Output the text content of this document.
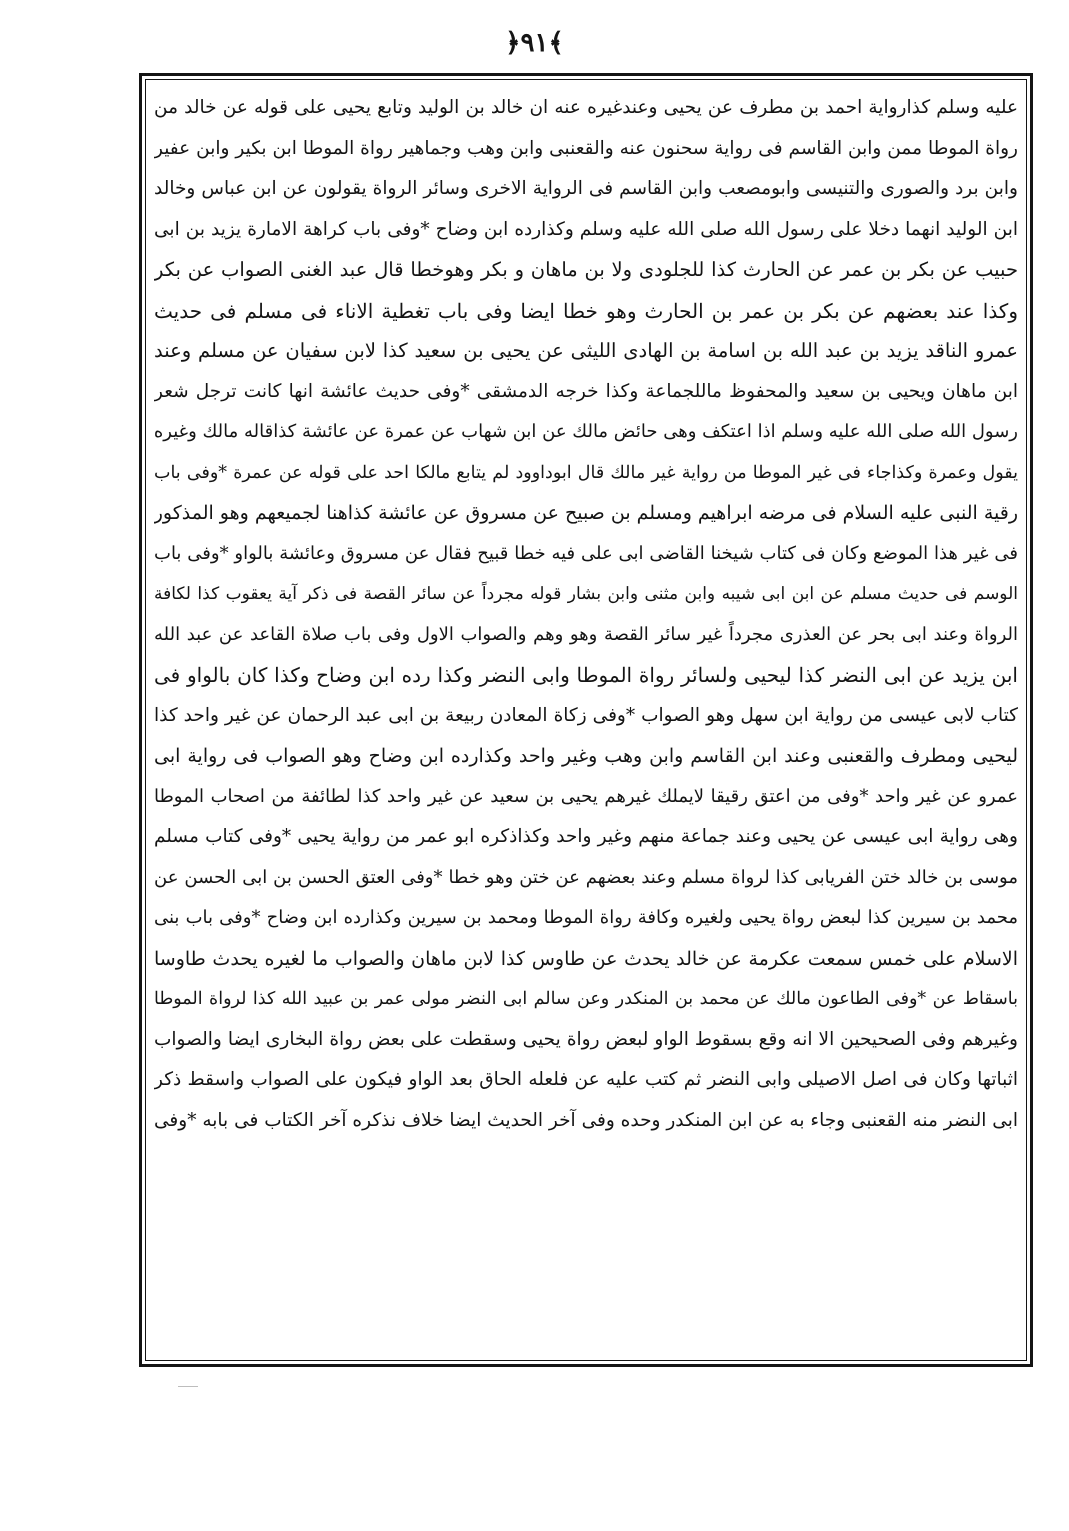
﴿۹۱﴾
عليه وسلم كذارواية احمد بن مطرف عن يحيى وعندغيره عنه ان خالد بن الوليد وتابع يحيى على قوله عن خالد من
رواة الموطا ممن وابن القاسم فى رواية سحنون عنه والقعنبى وابن وهب وجماهير رواة الموطا ابن بكير وابن عفير
وابن برد والصورى والتنيسى وابومصعب وابن القاسم فى الرواية الاخرى وسائر الرواة يقولون عن ابن عباس وخالد
ابن الوليد انهما دخلا على رسول الله صلى الله عليه وسلم وكذارده ابن وضاح *وفى باب كراهة الامارة يزيد بن ابى
حبيب عن بكر بن عمر عن الحارث كذا للجلودى ولا بن ماهان و بكر وهوخطا قال عبد الغنى الصواب عن بكر
وكذا عند بعضهم عن بكر بن عمر بن الحارث وهو خطا ايضا وفى باب تغطية الاناء فى مسلم فى حديث
عمرو الناقد يزيد بن عبد الله بن اسامة بن الهادى الليثى عن يحيى بن سعيد كذا لابن سفيان عن مسلم وعند
ابن ماهان ويحيى بن سعيد والمحفوظ ماللجماعة وكذا خرجه الدمشقى *وفى حديث عائشة انها كانت ترجل شعر
رسول الله صلى الله عليه وسلم اذا اعتكف وهى حائض مالك عن ابن شهاب عن عمرة عن عائشة كذاقاله مالك وغيره
يقول وعمرة وكذاجاء فى غير الموطا من رواية غير مالك قال ابوداوود لم يتابع مالكا احد على قوله عن عمرة *وفى باب
رقية النبى عليه السلام فى مرضه ابراهيم ومسلم بن صبيح عن مسروق عن عائشة كذاهنا لجميعهم وهو المذكور
فى غير هذا الموضع وكان فى كتاب شيخنا القاضى ابى على فيه خطا قبيح فقال عن مسروق وعائشة بالواو *وفى باب
الوسم فى حديث مسلم عن ابن ابى شيبه وابن مثنى وابن بشار قوله مجرداً عن سائر القصة فى ذكر آية يعقوب كذا لكافة
الرواة وعند ابى بحر عن العذرى مجرداً غير سائر القصة وهو وهم والصواب الاول وفى باب صلاة القاعد عن عبد الله
ابن يزيد عن ابى النضر كذا ليحيى ولسائر رواة الموطا وابى النضر وكذا رده ابن وضاح وكذا كان بالواو فى
كتاب لابى عيسى من رواية ابن سهل وهو الصواب *وفى زكاة المعادن ربيعة بن ابى عبد الرحمان عن غير واحد كذا
ليحيى ومطرف والقعنبى وعند ابن القاسم وابن وهب وغير واحد وكذارده ابن وضاح وهو الصواب فى رواية ابى
عمرو عن غير واحد *وفى من اعتق رقيقا لايملك غيرهم يحيى بن سعيد عن غير واحد كذا لطائفة من اصحاب الموطا
وهى رواية ابى عيسى عن يحيى وعند جماعة منهم وغير واحد وكذاذكره ابو عمر من رواية يحيى *وفى كتاب مسلم
موسى بن خالد ختن الفريابى كذا لرواة مسلم وعند بعضهم عن ختن وهو خطا *وفى العتق الحسن بن ابى الحسن عن
محمد بن سيرين كذا لبعض رواة يحيى ولغيره وكافة رواة الموطا ومحمد بن سيرين وكذارده ابن وضاح *وفى باب بنى
الاسلام على خمس سمعت عكرمة عن خالد يحدث عن طاوس كذا لابن ماهان والصواب ما لغيره يحدث طاوسا
باسقاط عن *وفى الطاعون مالك عن محمد بن المنكدر وعن سالم ابى النضر مولى عمر بن عبيد الله كذا لرواة الموطا
وغيرهم وفى الصحيحين الا انه وقع بسقوط الواو لبعض رواة يحيى وسقطت على بعض رواة البخارى ايضا والصواب
اثباتها وكان فى اصل الاصيلى وابى النضر ثم كتب عليه عن فلعله الحاق بعد الواو فيكون على الصواب واسقط ذكر
ابى النضر منه القعنبى وجاء به عن ابن المنكدر وحده وفى آخر الحديث ايضا خلاف نذكره آخر الكتاب فى بابه *وفى
